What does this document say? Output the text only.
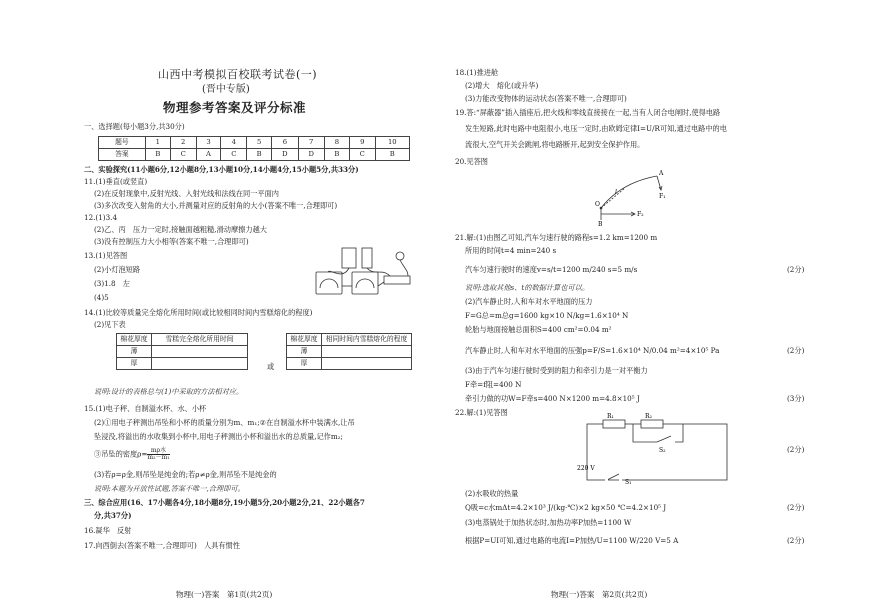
山西中考模拟百校联考试卷(一)
(晋中专版)
物理参考答案及评分标准
一、选择题(每小题3分,共30分)
题号	1	2	3	4	5	6	7	8	9	10
答案	B	C	A	C	B	D	D	B	C	B
二、实验探究(11小题6分,12小题8分,13小题10分,14小题4分,15小题5分,共33分)
11.(1)垂直(或竖直)
(2)在反射现象中,反射光线、入射光线和法线在同一平面内
(3)多次改变入射角的大小,并测量对应的反射角的大小(答案不唯一,合理即可)
12.(1)3.4
(2)乙、丙　压力一定时,接触面越粗糙,滑动摩擦力越大
(3)没有控制压力大小相等(答案不唯一,合理即可)
13.(1)见答图
(2)小灯泡短路
(3)1.8　左
(4)5
14.(1)比较等质量完全熔化所用时间(或比较相同时间内雪糕熔化的程度)
(2)见下表
棉花厚度	雪糕完全熔化所用时间
薄	
厚		或
棉花厚度	相同时间内雪糕熔化的程度
薄	
厚	
说明:设计的表格总与(1)中采取的方法相对应。
15.(1)电子秤、自制溢水杯、水、小杯
(2)①用电子秤测出吊坠和小杯的质量分别为m、m₁;②在自制溢水杯中装满水,让吊
坠浸没,将溢出的水收集到小杯中,用电子秤测出小杯和溢出水的总质量,记作m₂;
③吊坠的密度$\rho= \frac{\text{mρ水}}{\text{m₂－m₁}}$
(3)若ρ=ρ金,则吊坠是纯金的;若ρ≠ρ金,则吊坠不是纯金的
说明:本题为开放性试题,答案不唯一,合理即可。
三、综合应用(16、17小题各4分,18小题8分,19小题5分,20小题2分,21、22小题各7
分,共37分)
16.凝华　反射
17.向西倒去(答案不唯一,合理即可)　人具有惯性
物理(一)答案　第1页(共2页)
18.(1)推进舱
(2)增大　熔化(或升华)
(3)力能改变物体的运动状态(答案不唯一,合理即可)
19.答:“屏蔽器”插入插座后,把火线和零线直接接在一起,当有人闭合电闸时,使得电路
发生短路,此时电路中电阻很小,电压一定时,由欧姆定律I=U/R可知,通过电路中的电
流很大,空气开关会跳闸,将电路断开,起到安全保护作用。
20.见答图
O
B
A
F₁
F₂
l
21.解:(1)由图乙可知,汽车匀速行驶的路程s=1.2 km=1200 m
所用的时间t=4 min=240 s
汽车匀速行驶时的速度v=s/t=1200 m/240 s=5 m/s	(2分)
说明:选取其他s、t的数据计算也可以。
(2)汽车静止时,人和车对水平地面的压力
F=G总=m总g=1600 kg×10 N/kg=1.6×10⁴ N
轮胎与地面接触总面积S=400 cm²=0.04 m²
汽车静止时,人和车对水平地面的压强p=F/S=1.6×10⁴ N/0.04 m²=4×10⁵ Pa	(2分)
(3)由于汽车匀速行驶时受到的阻力和牵引力是一对平衡力
F牵=f阻=400 N
牵引力做的功W=F牵s=400 N×1200 m=4.8×10⁵ J	(3分)
22.解:(1)见答图	R₁	R₂
S₂
S₁
220 V
(2分)
(2)水吸收的热量
Q吸=c水mΔt=4.2×10³ J/(kg·℃)×2 kg×50 ℃=4.2×10⁵ J	(2分)
(3)电蒸锅处于加热状态时,加热功率P加热=1100 W
根据P=UI可知,通过电路的电流I=P加热/U=1100 W/220 V=5 A	(2分)
物理(一)答案　第2页(共2页)
